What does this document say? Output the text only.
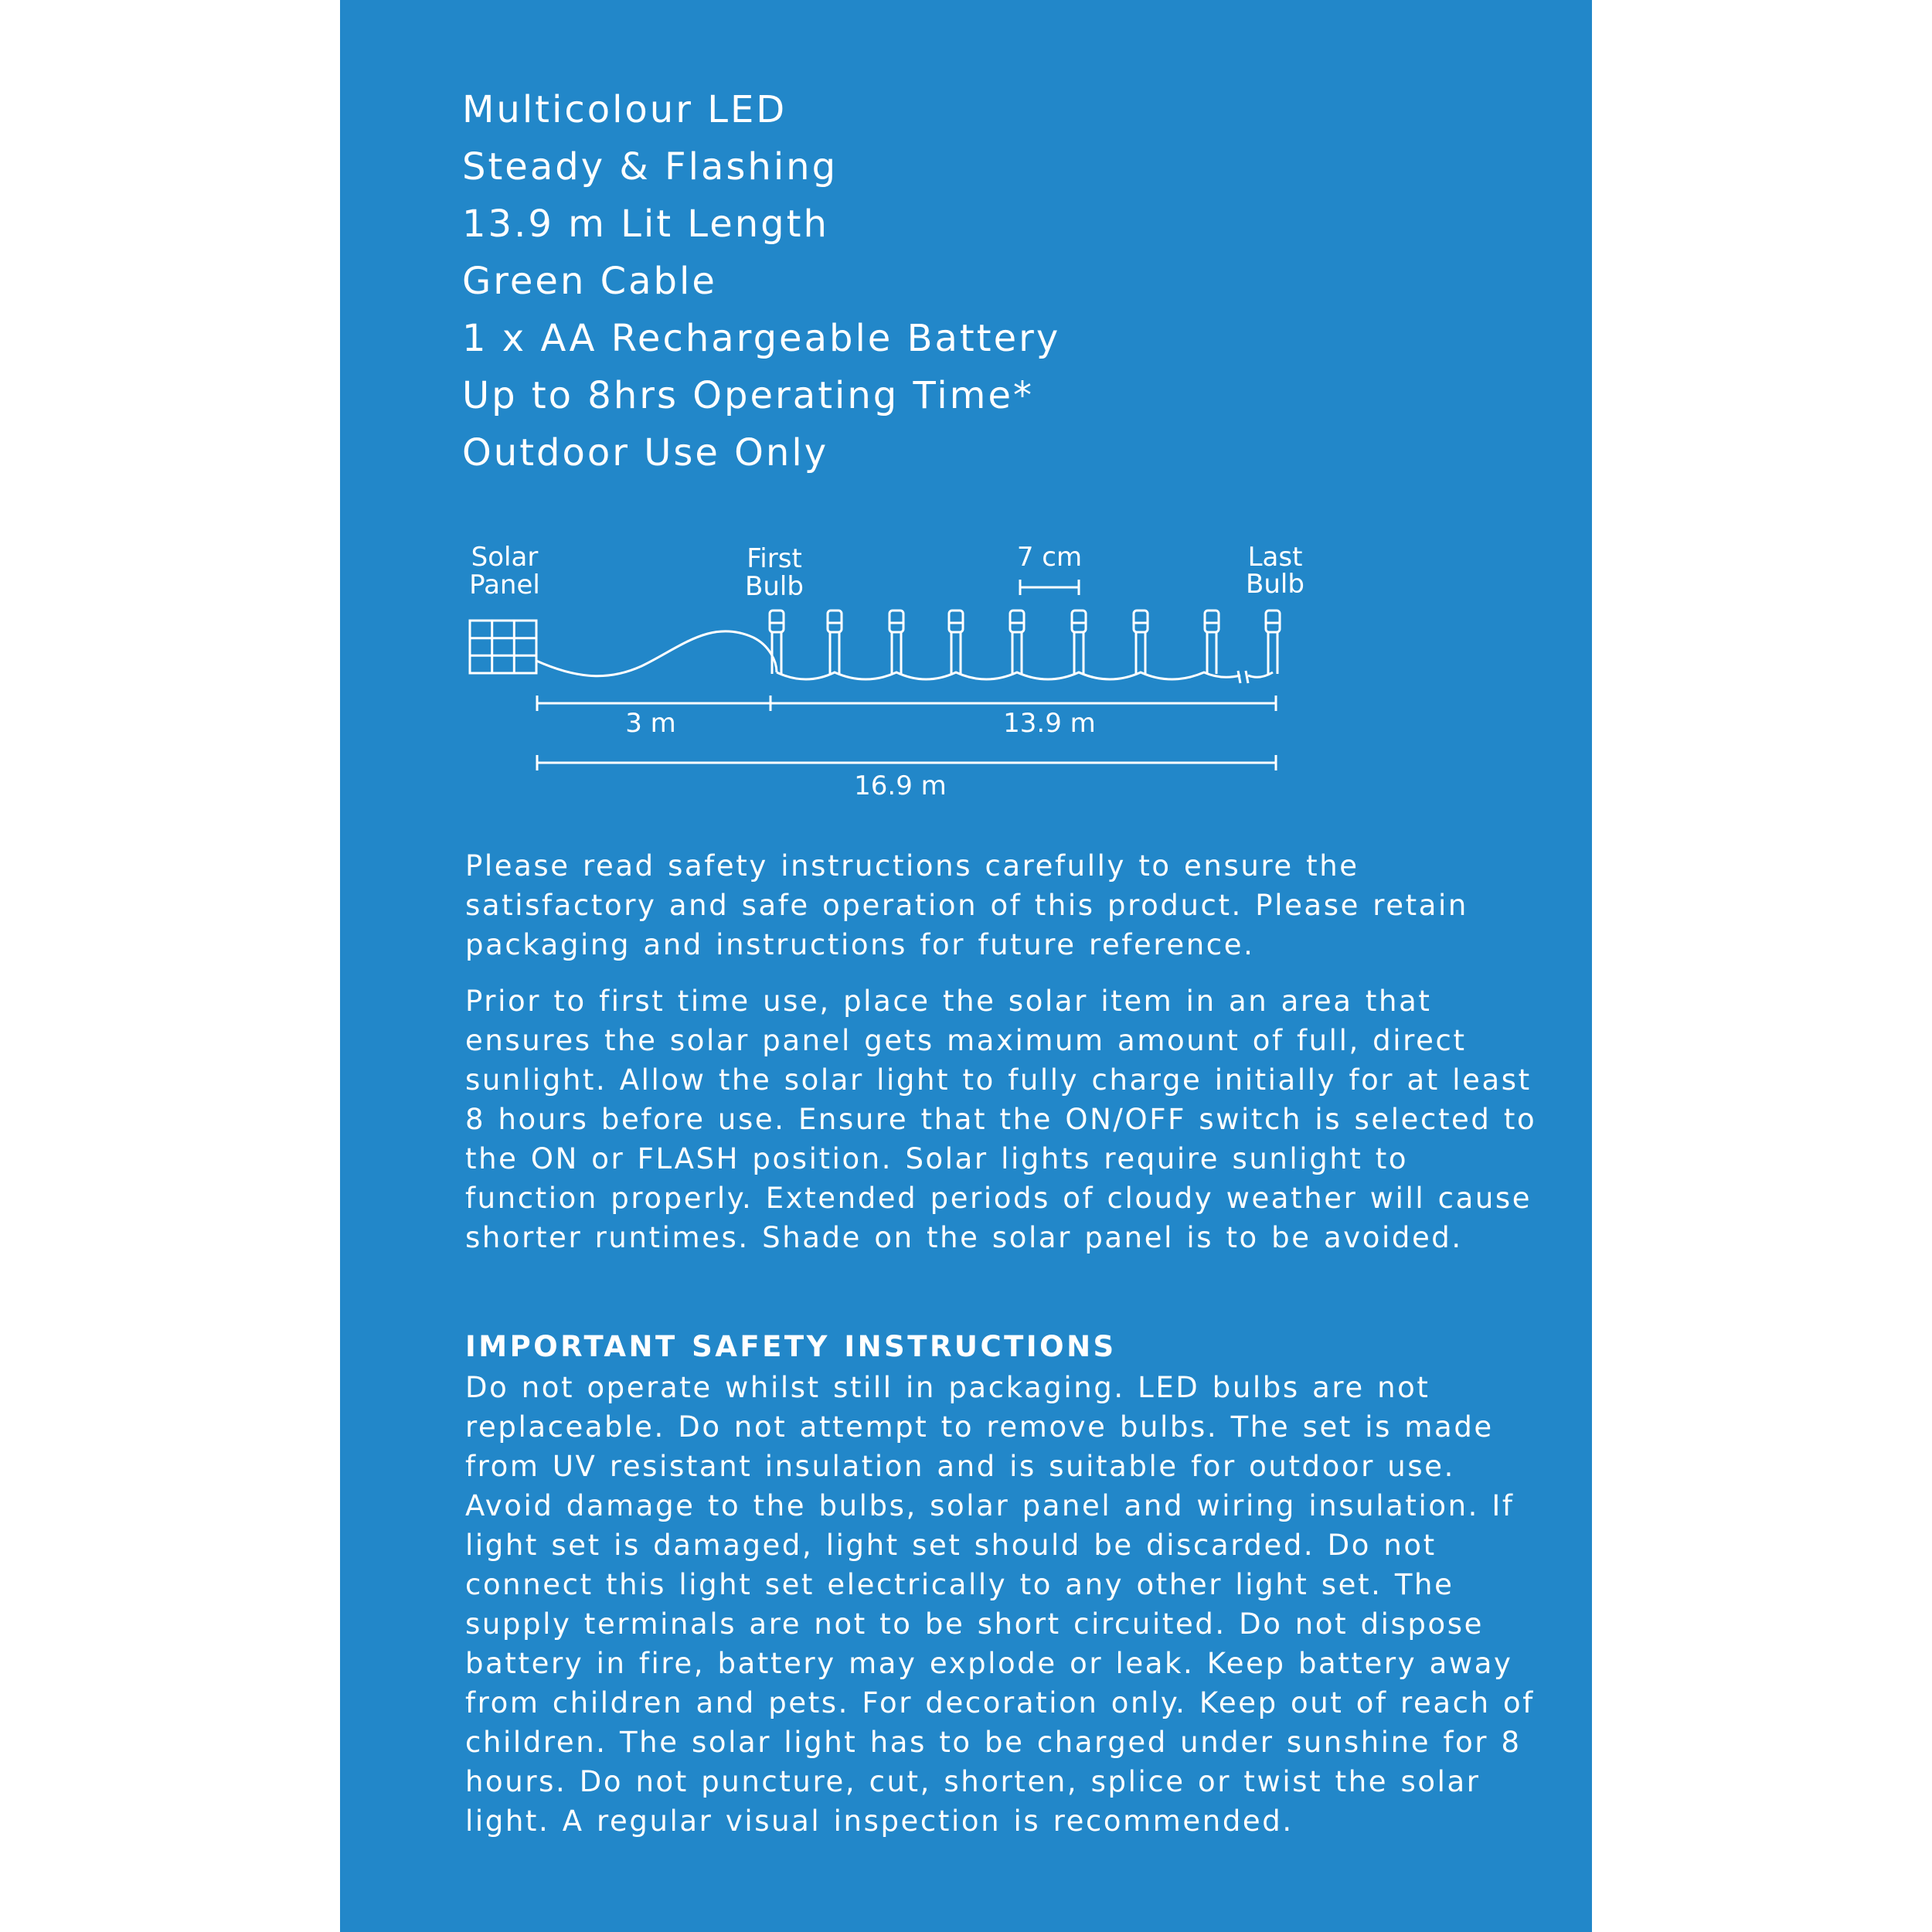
Multicolour LED
Steady & Flashing
13.9 m Lit Length
Green Cable
1 x AA Rechargeable Battery
Up to 8hrs Operating Time*
Outdoor Use Only
Solar
Panel
First
Bulb
Last
Bulb
7 cm
3 m	13.9 m
16.9 m
Please read safety instructions carefully to ensure the satisfactory and safe operation of this product. Please retain packaging and instructions for future reference.
Prior to first time use, place the solar item in an area that ensures the solar panel gets maximum amount of full, direct sunlight. Allow the solar light to fully charge initially for at least 8 hours before use. Ensure that the ON/OFF switch is selected to the ON or FLASH position. Solar lights require sunlight to function properly. Extended periods of cloudy weather will cause shorter runtimes. Shade on the solar panel is to be avoided.
IMPORTANT SAFETY INSTRUCTIONS
Do not operate whilst still in packaging. LED bulbs are not replaceable. Do not attempt to remove bulbs. The set is made from UV resistant insulation and is suitable for outdoor use. Avoid damage to the bulbs, solar panel and wiring insulation. If light set is damaged, light set should be discarded. Do not connect this light set electrically to any other light set. The supply terminals are not to be short circuited. Do not dispose battery in fire, battery may explode or leak. Keep battery away from children and pets. For decoration only. Keep out of reach of children. The solar light has to be charged under sunshine for 8 hours. Do not puncture, cut, shorten, splice or twist the solar light. A regular visual inspection is recommended.
